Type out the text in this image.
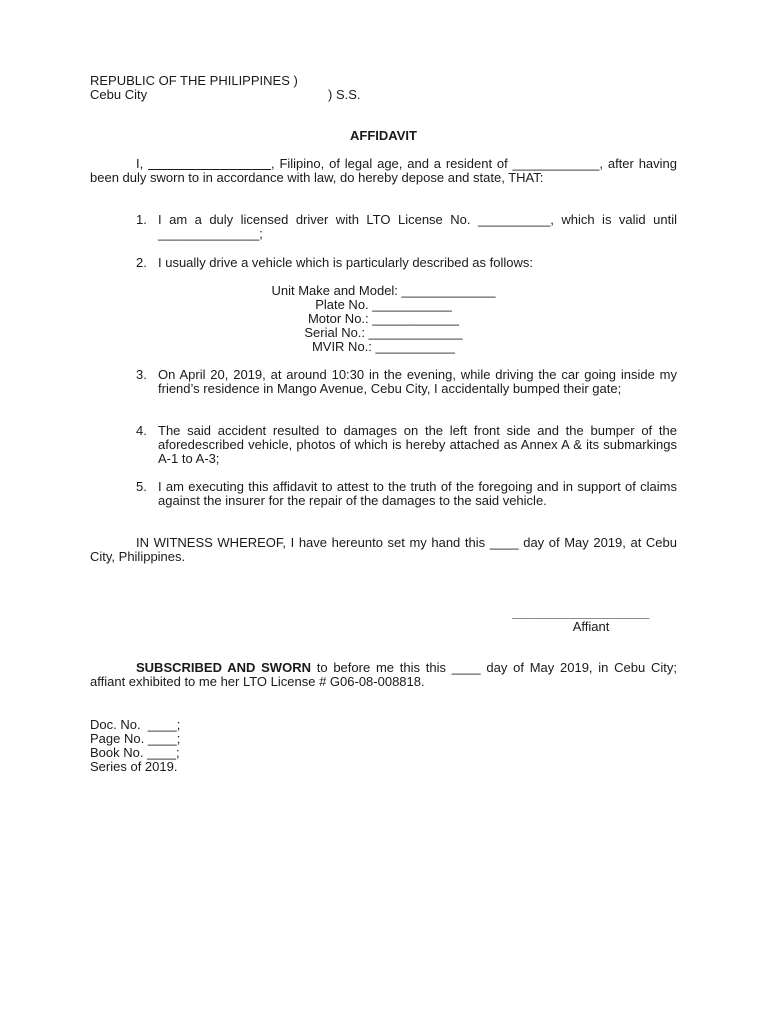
REPUBLIC OF THE PHILIPPINES )
Cebu City	) S.S.
AFFIDAVIT
I, _________________, Filipino, of legal age, and a resident of ____________, after having been duly sworn to in accordance with law, do hereby depose and state, THAT:
1. I am a duly licensed driver with LTO License No. __________, which is valid until ______________;
2. I usually drive a vehicle which is particularly described as follows:
Unit Make and Model: _____________
Plate No. ___________
Motor No.: ____________
Serial No.: _____________
MVIR No.: ___________
3. On April 20, 2019, at around 10:30 in the evening, while driving the car going inside my friend’s residence in Mango Avenue, Cebu City, I accidentally bumped their gate;
4. The said accident resulted to damages on the left front side and the bumper of the aforedescribed vehicle, photos of which is hereby attached as Annex A & its submarkings A-1 to A-3;
5. I am executing this affidavit to attest to the truth of the foregoing and in support of claims against the insurer for the repair of the damages to the said vehicle.
IN WITNESS WHEREOF, I have hereunto set my hand this ____ day of May 2019, at Cebu City, Philippines.
___________________
Affiant
SUBSCRIBED AND SWORN to before me this this ____ day of May 2019, in Cebu City; affiant exhibited to me her LTO License # G06-08-008818.
Doc. No.  ____;
Page No. ____;
Book No. ____;
Series of 2019.
